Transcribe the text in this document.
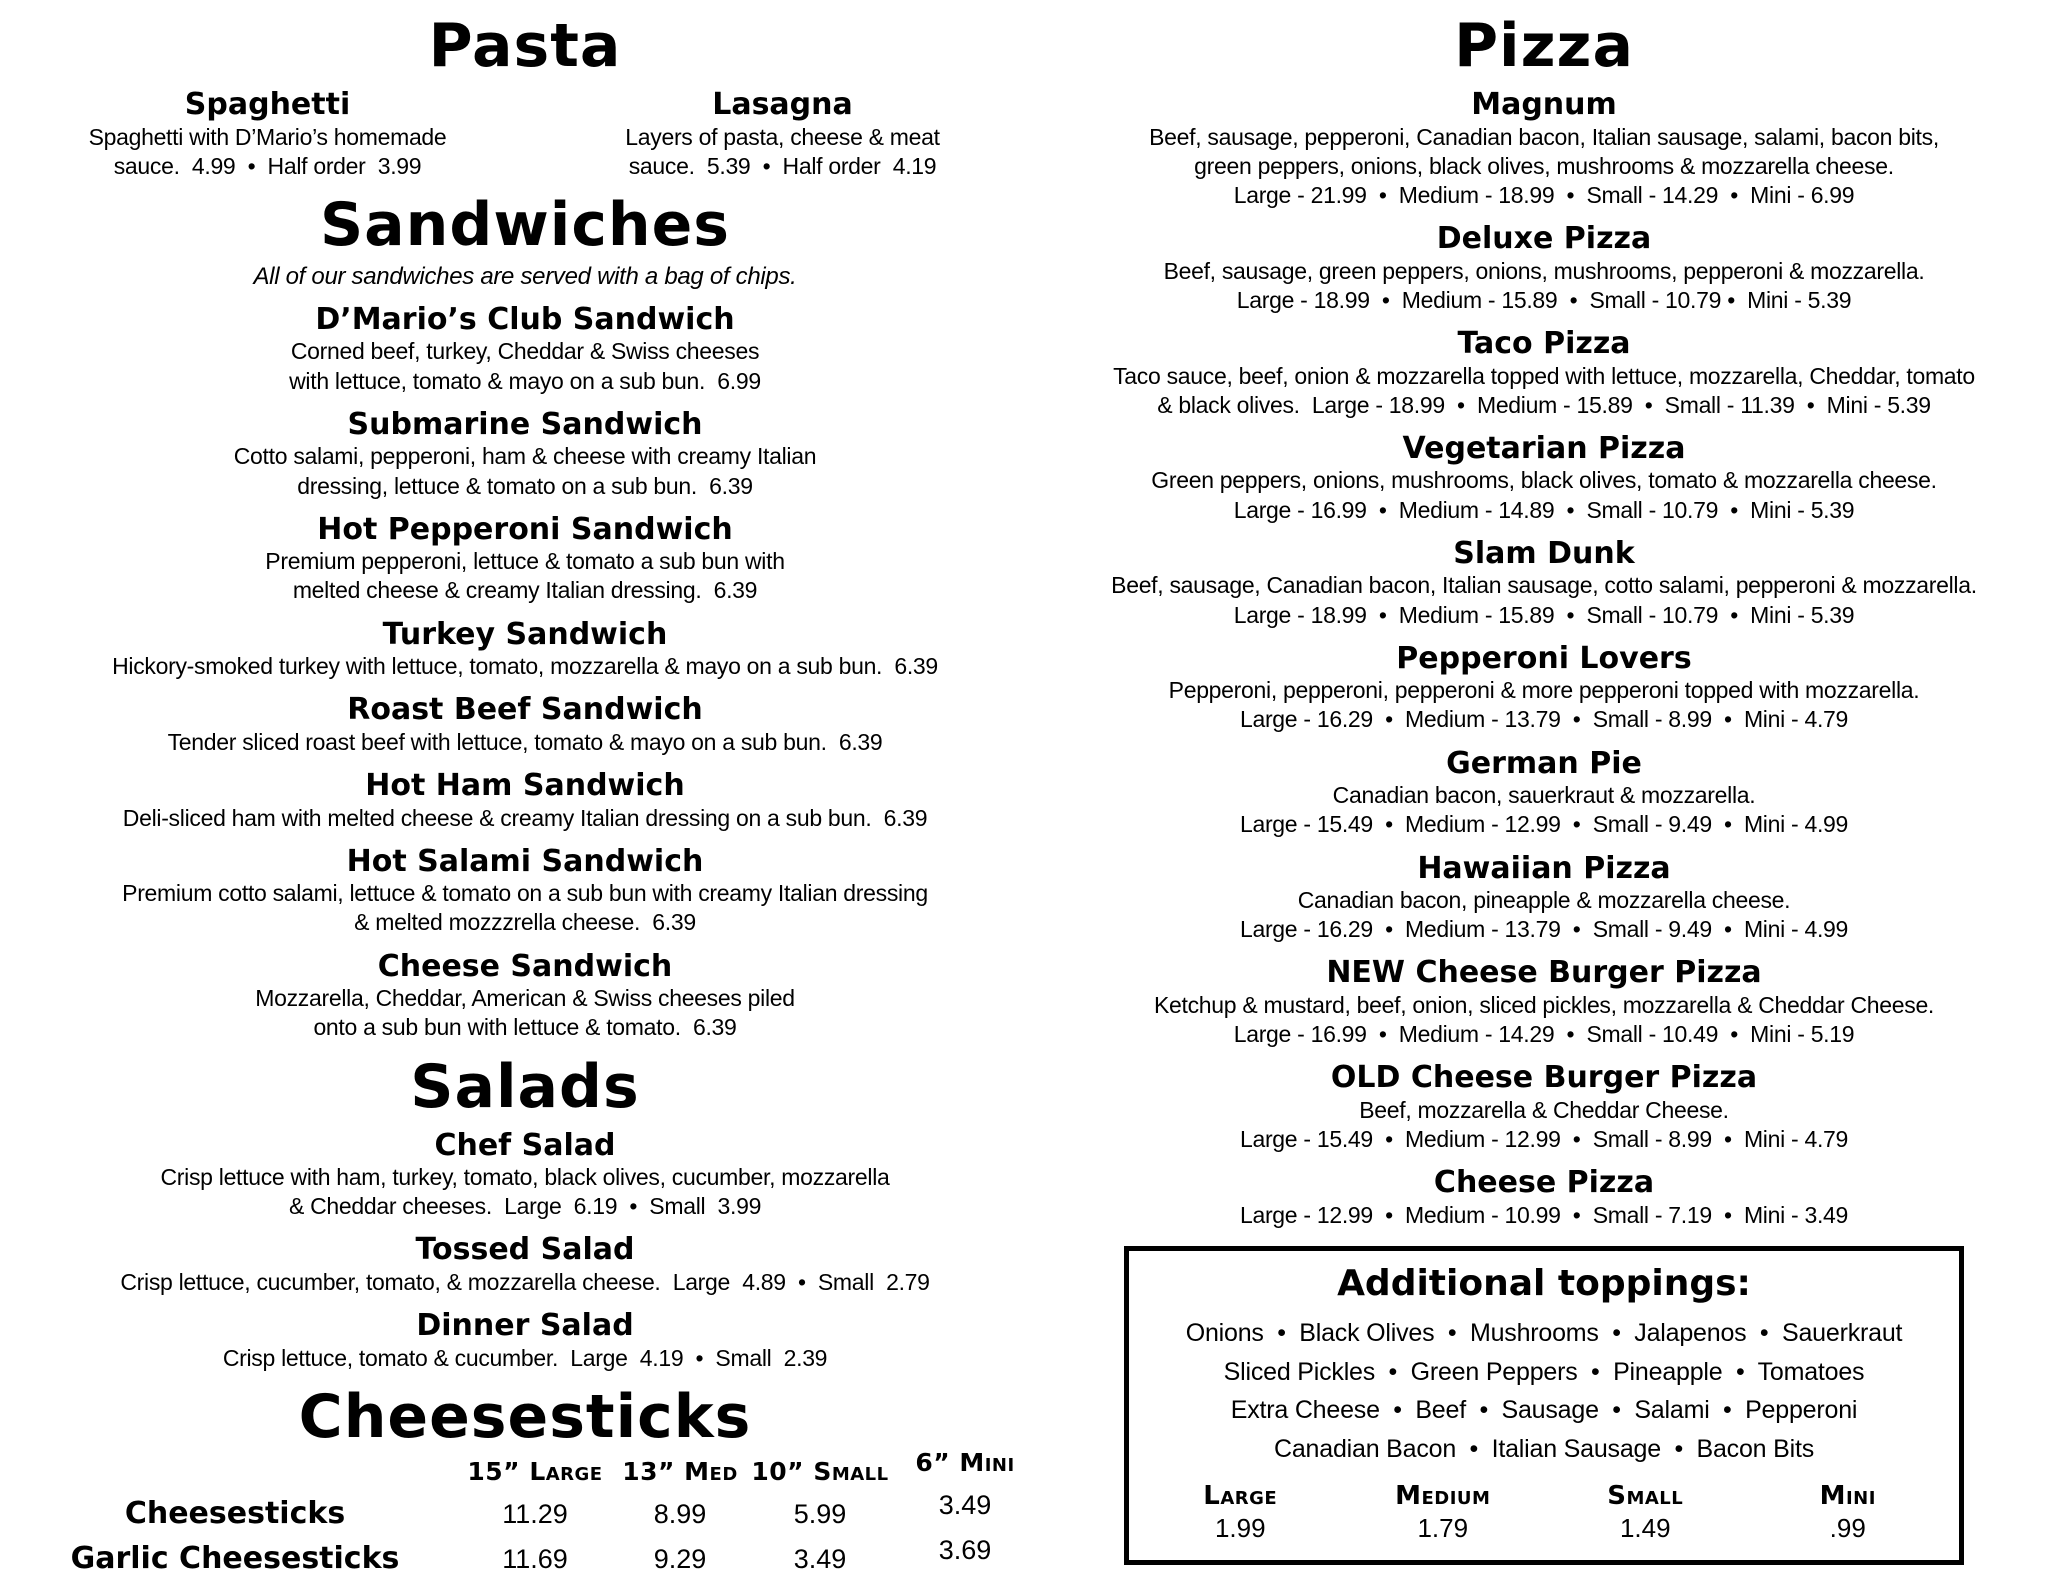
Pasta
Spaghetti
Spaghetti with D’Mario’s homemade
sauce.  4.99  •  Half order  3.99
Lasagna
Layers of pasta, cheese & meat
sauce.  5.39  •  Half order  4.19
Sandwiches
All of our sandwiches are served with a bag of chips.
D’Mario’s Club Sandwich
Corned beef, turkey, Cheddar & Swiss cheeses
with lettuce, tomato & mayo on a sub bun.  6.99
Submarine Sandwich
Cotto salami, pepperoni, ham & cheese with creamy Italian
dressing, lettuce & tomato on a sub bun.  6.39
Hot Pepperoni Sandwich
Premium pepperoni, lettuce & tomato a sub bun with
melted cheese & creamy Italian dressing.  6.39
Turkey Sandwich
Hickory-smoked turkey with lettuce, tomato, mozzarella & mayo on a sub bun.  6.39
Roast Beef Sandwich
Tender sliced roast beef with lettuce, tomato & mayo on a sub bun.  6.39
Hot Ham Sandwich
Deli-sliced ham with melted cheese & creamy Italian dressing on a sub bun.  6.39
Hot Salami Sandwich
Premium cotto salami, lettuce & tomato on a sub bun with creamy Italian dressing
& melted mozzzrella cheese.  6.39
Cheese Sandwich
Mozzarella, Cheddar, American & Swiss cheeses piled
onto a sub bun with lettuce & tomato.  6.39
Salads
Chef Salad
Crisp lettuce with ham, turkey, tomato, black olives, cucumber, mozzarella
& Cheddar cheeses.  Large  6.19  •  Small  3.99
Tossed Salad
Crisp lettuce, cucumber, tomato, & mozzarella cheese.  Large  4.89  •  Small  2.79
Dinner Salad
Crisp lettuce, tomato & cucumber.  Large  4.19  •  Small  2.39
Cheesesticks
15” Large 13” Med 10” Small	6” Mini
Cheesesticks	11.29	8.99	5.99	3.49
Garlic Cheesesticks	11.69	9.29	3.49	3.69
Pizza
Magnum
Beef, sausage, pepperoni, Canadian bacon, Italian sausage, salami, bacon bits,
green peppers, onions, black olives, mushrooms & mozzarella cheese.
Large - 21.99  •  Medium - 18.99  •  Small - 14.29  •  Mini - 6.99
Deluxe Pizza
Beef, sausage, green peppers, onions, mushrooms, pepperoni & mozzarella.
Large - 18.99  •  Medium - 15.89  •  Small - 10.79 •  Mini - 5.39
Taco Pizza
Taco sauce, beef, onion & mozzarella topped with lettuce, mozzarella, Cheddar, tomato
& black olives.  Large - 18.99  •  Medium - 15.89  •  Small - 11.39  •  Mini - 5.39
Vegetarian Pizza
Green peppers, onions, mushrooms, black olives, tomato & mozzarella cheese.
Large - 16.99  •  Medium - 14.89  •  Small - 10.79  •  Mini - 5.39
Slam Dunk
Beef, sausage, Canadian bacon, Italian sausage, cotto salami, pepperoni & mozzarella.
Large - 18.99  •  Medium - 15.89  •  Small - 10.79  •  Mini - 5.39
Pepperoni Lovers
Pepperoni, pepperoni, pepperoni & more pepperoni topped with mozzarella.
Large - 16.29  •  Medium - 13.79  •  Small - 8.99  •  Mini - 4.79
German Pie
Canadian bacon, sauerkraut & mozzarella.
Large - 15.49  •  Medium - 12.99  •  Small - 9.49  •  Mini - 4.99
Hawaiian Pizza
Canadian bacon, pineapple & mozzarella cheese.
Large - 16.29  •  Medium - 13.79  •  Small - 9.49  •  Mini - 4.99
NEW Cheese Burger Pizza
Ketchup & mustard, beef, onion, sliced pickles, mozzarella & Cheddar Cheese.
Large - 16.99  •  Medium - 14.29  •  Small - 10.49  •  Mini - 5.19
OLD Cheese Burger Pizza
Beef, mozzarella & Cheddar Cheese.
Large - 15.49  •  Medium - 12.99  •  Small - 8.99  •  Mini - 4.79
Cheese Pizza
Large - 12.99  •  Medium - 10.99  •  Small - 7.19  •  Mini - 3.49
Additional toppings:
Onions  •  Black Olives  •  Mushrooms  •  Jalapenos  •  Sauerkraut
Sliced Pickles  •  Green Peppers  •  Pineapple  •  Tomatoes
Extra Cheese  •  Beef  •  Sausage  •  Salami  •  Pepperoni
Canadian Bacon  •  Italian Sausage  •  Bacon Bits
Large	Medium	Small	Mini
1.99	1.79	1.49	.99
